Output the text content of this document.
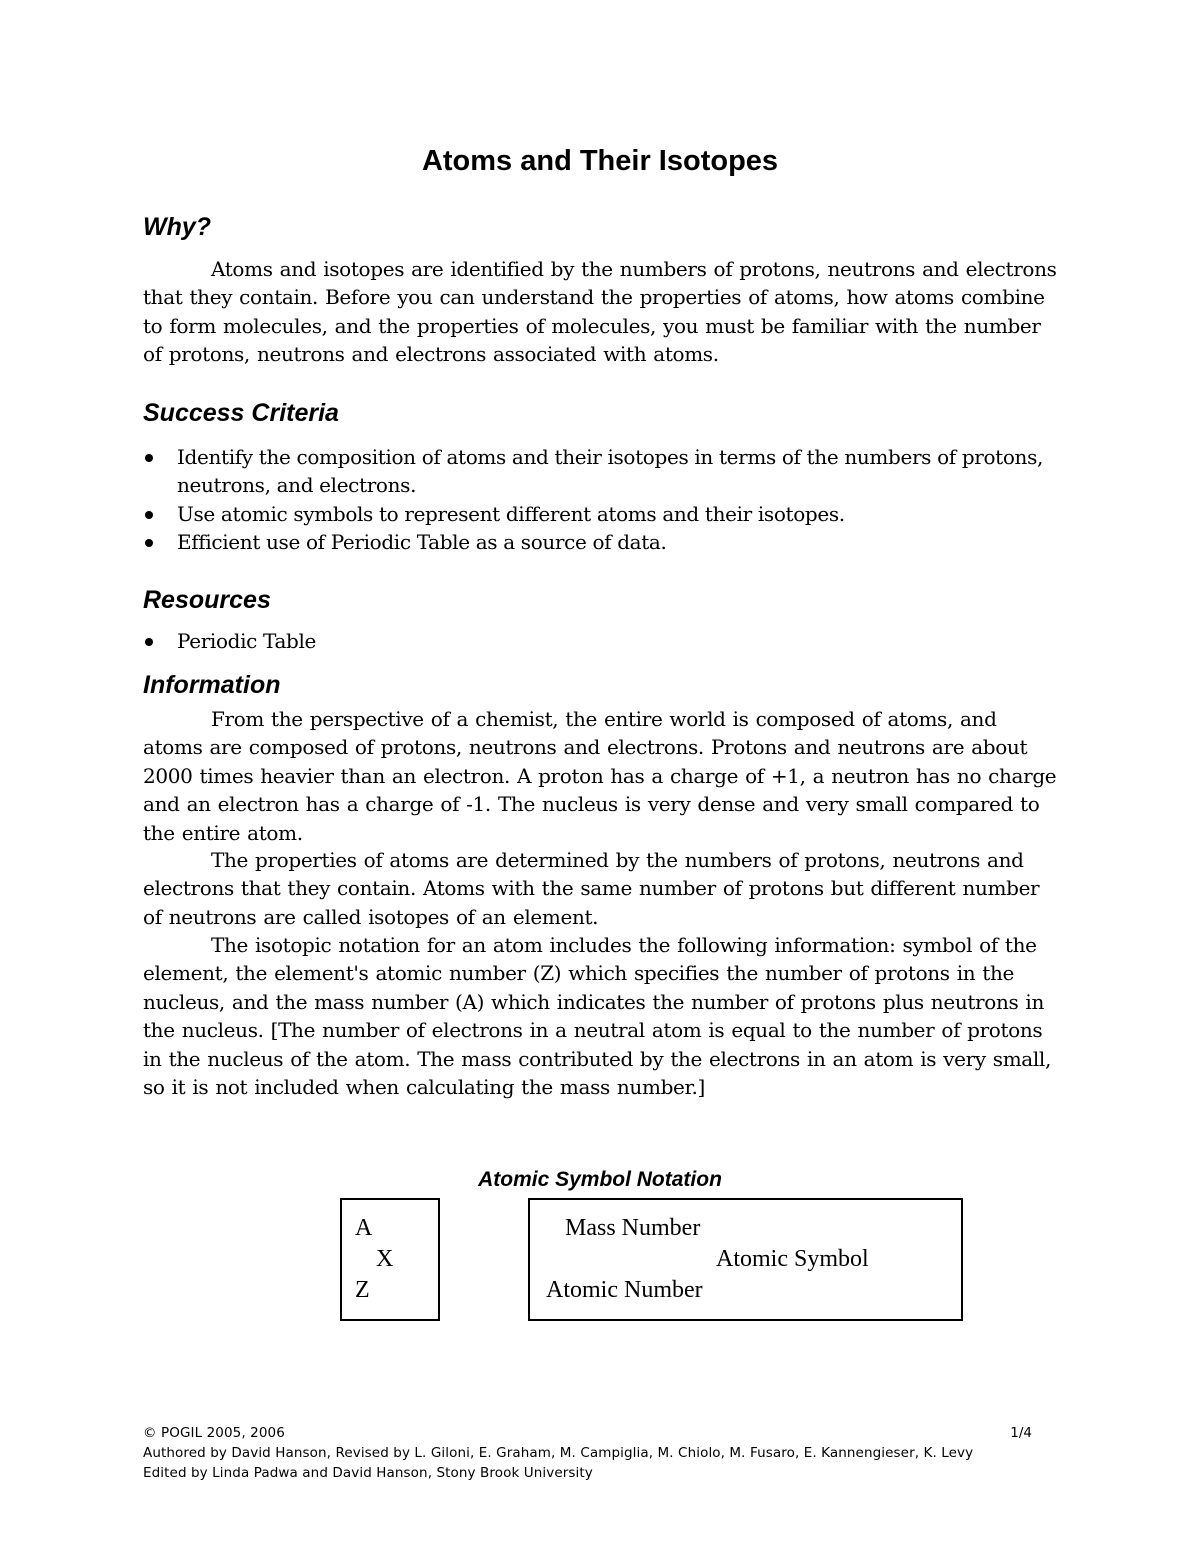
Atoms and Their Isotopes
Why?

Atoms and isotopes are identified by the numbers of protons, neutrons and electrons that they contain. Before you can understand the properties of atoms, how atoms combine to form molecules, and the properties of molecules, you must be familiar with the number of protons, neutrons and electrons associated with atoms.

Success Criteria
Identify the composition of atoms and their isotopes in terms of the numbers of protons, neutrons, and electrons.
Use atomic symbols to represent different atoms and their isotopes.
Efficient use of Periodic Table as a source of data.
Resources
Periodic Table
Information

From the perspective of a chemist, the entire world is composed of atoms, and atoms are composed of protons, neutrons and electrons. Protons and neutrons are about 2000 times heavier than an electron. A proton has a charge of +1, a neutron has no charge and an electron has a charge of -1. The nucleus is very dense and very small compared to the entire atom.

The properties of atoms are determined by the numbers of protons, neutrons and electrons that they contain. Atoms with the same number of protons but different number of neutrons are called isotopes of an element.

The isotopic notation for an atom includes the following information: symbol of the element, the element's atomic number (Z) which specifies the number of protons in the nucleus, and the mass number (A) which indicates the number of protons plus neutrons in the nucleus. [The number of electrons in a neutral atom is equal to the number of protons in the nucleus of the atom. The mass contributed by the electrons in an atom is very small, so it is not included when calculating the mass number.]

Atomic Symbol Notation
A
X
Z
Mass Number
Atomic Symbol
Atomic Number
© POGIL 2005, 2006	1/4
Authored by David Hanson, Revised by L. Giloni, E. Graham, M. Campiglia, M. Chiolo, M. Fusaro, E. Kannengieser, K. Levy
Edited by Linda Padwa and David Hanson, Stony Brook University
